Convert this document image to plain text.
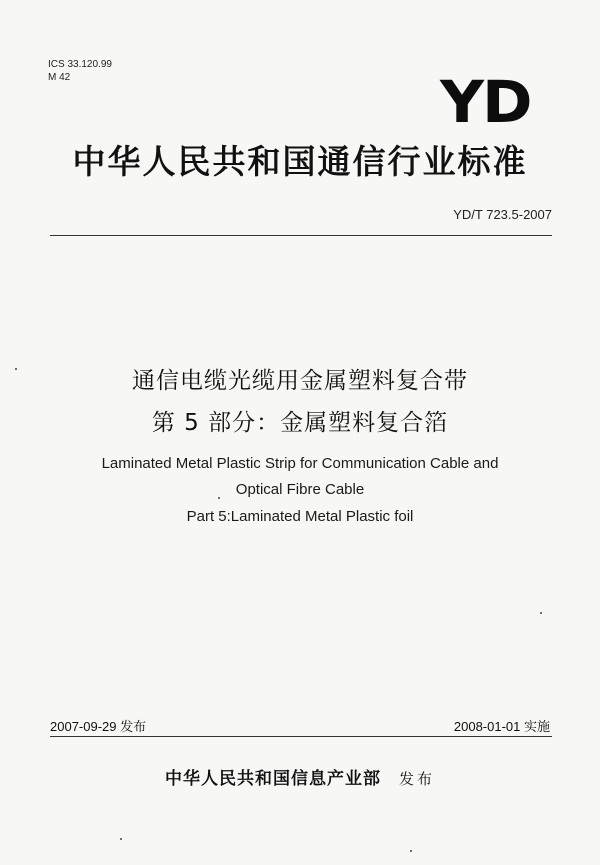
ICS 33.120.99
M 42	YD
中华人民共和国通信行业标准
YD/T 723.5-2007
通信电缆光缆用金属塑料复合带
第 5 部分：金属塑料复合箔
Laminated Metal Plastic Strip for Communication Cable and
Optical Fibre Cable
Part 5:Laminated Metal Plastic foil
2007-09-29 发布	2008-01-01 实施
中华人民共和国信息产业部 发布
